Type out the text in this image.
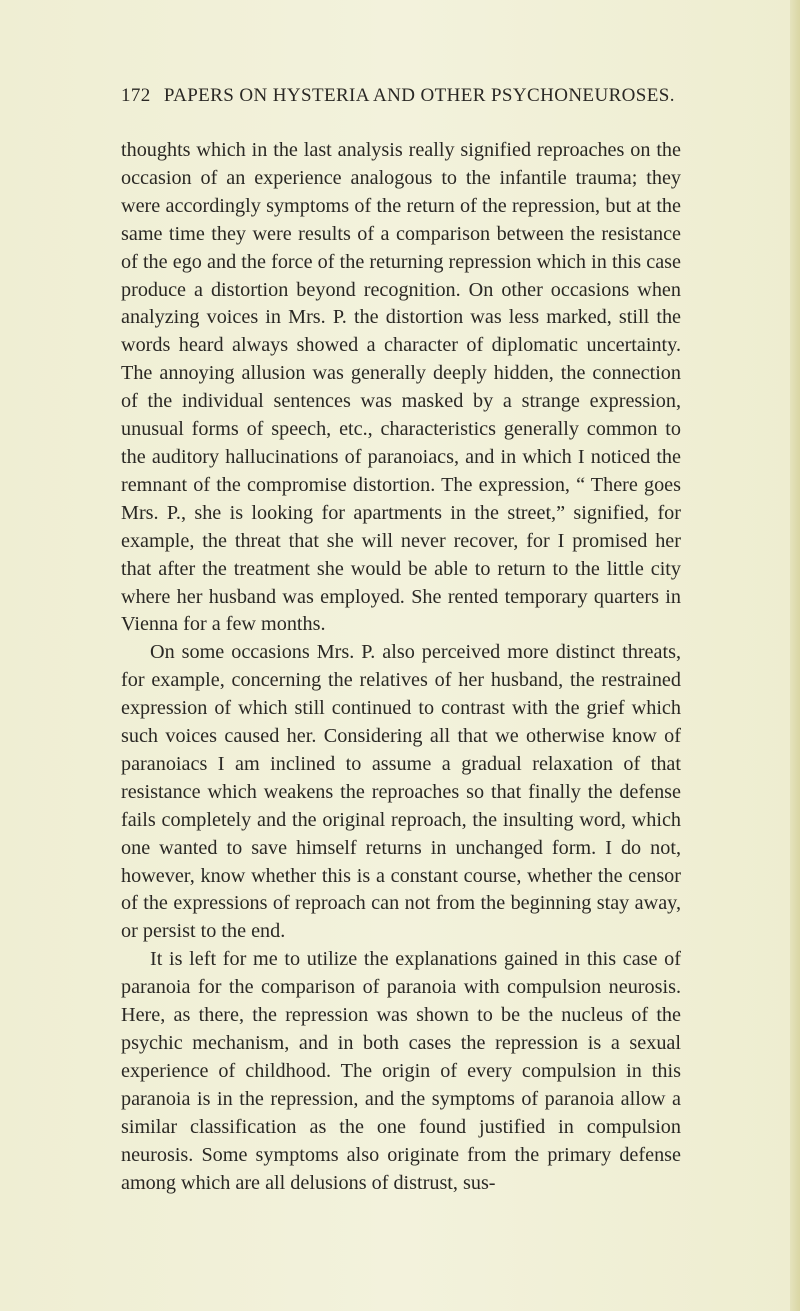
172 PAPERS ON HYSTERIA AND OTHER PSYCHONEUROSES.

thoughts which in the last analysis really signified reproaches on the occasion of an experience analogous to the infantile trauma; they were accordingly symptoms of the return of the repression, but at the same time they were results of a comparison between the resistance of the ego and the force of the returning repression which in this case produce a distortion beyond recognition. On other occasions when analyzing voices in Mrs. P. the distortion was less marked, still the words heard always showed a character of diplomatic uncertainty. The annoying allusion was generally deeply hidden, the connection of the individual sentences was masked by a strange expression, unusual forms of speech, etc., characteristics generally common to the auditory hallucinations of paranoiacs, and in which I noticed the remnant of the compromise distortion. The expression, “ There goes Mrs. P., she is looking for apartments in the street,” signified, for example, the threat that she will never recover, for I promised her that after the treatment she would be able to return to the little city where her husband was employed. She rented temporary quarters in Vienna for a few months.

On some occasions Mrs. P. also perceived more distinct threats, for example, concerning the relatives of her husband, the restrained expression of which still continued to contrast with the grief which such voices caused her. Considering all that we otherwise know of paranoiacs I am inclined to assume a gradual relaxation of that resistance which weakens the reproaches so that finally the defense fails completely and the original reproach, the insulting word, which one wanted to save himself returns in unchanged form. I do not, however, know whether this is a constant course, whether the censor of the expressions of reproach can not from the beginning stay away, or persist to the end.

It is left for me to utilize the explanations gained in this case of paranoia for the comparison of paranoia with compulsion neurosis. Here, as there, the repression was shown to be the nucleus of the psychic mechanism, and in both cases the repression is a sexual experience of childhood. The origin of every compulsion in this paranoia is in the repression, and the symptoms of paranoia allow a similar classification as the one found justified in compulsion neurosis. Some symptoms also originate from the primary defense among which are all delusions of distrust, sus-
